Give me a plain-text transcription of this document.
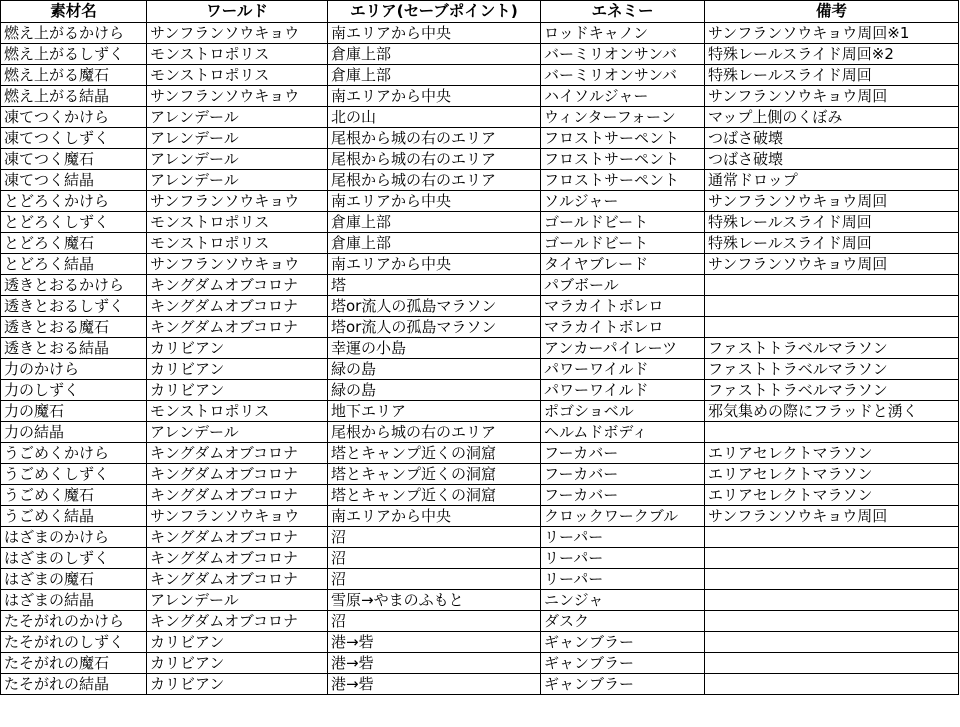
素材名	ワールド	エリア(セーブポイント)	エネミー	備考
燃え上がるかけら	サンフランソウキョウ	南エリアから中央	ロッドキャノン	サンフランソウキョウ周回※1
燃え上がるしずく	モンストロポリス	倉庫上部	バーミリオンサンバ	特殊レールスライド周回※2
燃え上がる魔石	モンストロポリス	倉庫上部	バーミリオンサンバ	特殊レールスライド周回
燃え上がる結晶	サンフランソウキョウ	南エリアから中央	ハイソルジャー	サンフランソウキョウ周回
凍てつくかけら	アレンデール	北の山	ウィンターフォーン	マップ上側のくぼみ
凍てつくしずく	アレンデール	尾根から城の右のエリア	フロストサーペント	つばさ破壊
凍てつく魔石	アレンデール	尾根から城の右のエリア	フロストサーペント	つばさ破壊
凍てつく結晶	アレンデール	尾根から城の右のエリア	フロストサーペント	通常ドロップ
とどろくかけら	サンフランソウキョウ	南エリアから中央	ソルジャー	サンフランソウキョウ周回
とどろくしずく	モンストロポリス	倉庫上部	ゴールドビート	特殊レールスライド周回
とどろく魔石	モンストロポリス	倉庫上部	ゴールドビート	特殊レールスライド周回
とどろく結晶	サンフランソウキョウ	南エリアから中央	タイヤブレード	サンフランソウキョウ周回
透きとおるかけら	キングダムオブコロナ	塔	パブボール	
透きとおるしずく	キングダムオブコロナ	塔or流人の孤島マラソン	マラカイトボレロ	
透きとおる魔石	キングダムオブコロナ	塔or流人の孤島マラソン	マラカイトボレロ	
透きとおる結晶	カリビアン	幸運の小島	アンカーパイレーツ	ファストトラベルマラソン
力のかけら	カリビアン	緑の島	パワーワイルド	ファストトラベルマラソン
力のしずく	カリビアン	緑の島	パワーワイルド	ファストトラベルマラソン
力の魔石	モンストロポリス	地下エリア	ポゴショベル	邪気集めの際にフラッドと湧く
力の結晶	アレンデール	尾根から城の右のエリア	ヘルムドボディ	
うごめくかけら	キングダムオブコロナ	塔とキャンプ近くの洞窟	フーカバー	エリアセレクトマラソン
うごめくしずく	キングダムオブコロナ	塔とキャンプ近くの洞窟	フーカバー	エリアセレクトマラソン
うごめく魔石	キングダムオブコロナ	塔とキャンプ近くの洞窟	フーカバー	エリアセレクトマラソン
うごめく結晶	サンフランソウキョウ	南エリアから中央	クロックワークブル	サンフランソウキョウ周回
はざまのかけら	キングダムオブコロナ	沼	リーパー	
はざまのしずく	キングダムオブコロナ	沼	リーパー	
はざまの魔石	キングダムオブコロナ	沼	リーパー	
はざまの結晶	アレンデール	雪原→やまのふもと	ニンジャ	
たそがれのかけら	キングダムオブコロナ	沼	ダスク	
たそがれのしずく	カリビアン	港→砦	ギャンブラー	
たそがれの魔石	カリビアン	港→砦	ギャンブラー	
たそがれの結晶	カリビアン	港→砦	ギャンブラー	
